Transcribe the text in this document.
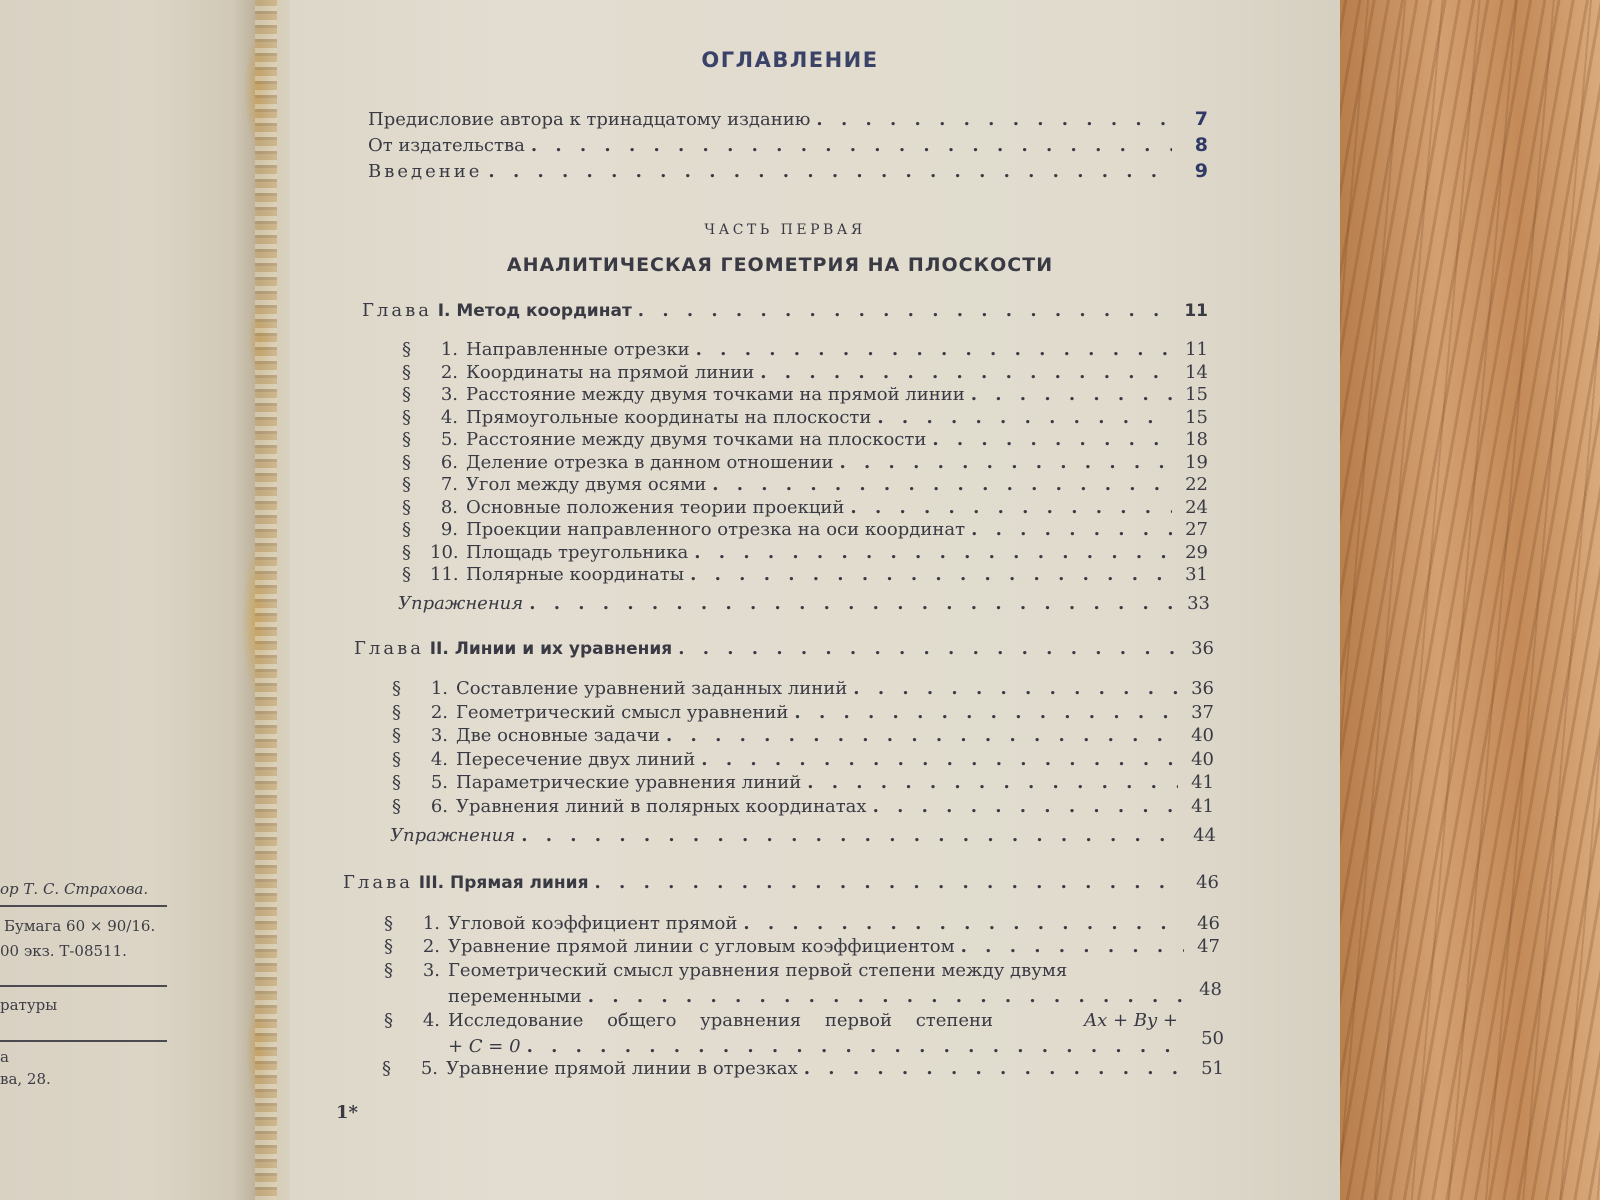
ор Т. С. Страхова.
Бумага 60 × 90/16.
00 экз. Т-08511.
ратуры
а
ва, 28.
ОГЛАВЛЕНИЕ
Предисловие автора к тринадцатому изданию . . .	7
От издательства . . .	8
Введение . . .	9
ЧАСТЬ ПЕРВАЯ
АНАЛИТИЧЕСКАЯ ГЕОМЕТРИЯ НА ПЛОСКОСТИ
Глава I. Метод координат . . .	11
§ 1. Направленные отрезки . . .	11
§ 2. Координаты на прямой линии . . .	14
§ 3. Расстояние между двумя точками на прямой линии . . .	15
§ 4. Прямоугольные координаты на плоскости . . .	15
§ 5. Расстояние между двумя точками на плоскости . . .	18
§ 6. Деление отрезка в данном отношении . . .	19
§ 7. Угол между двумя осями . . .	22
§ 8. Основные положения теории проекций . . .	24
§ 9. Проекции направленного отрезка на оси координат . . .	27
§ 10. Площадь треугольника . . .	29
§ 11. Полярные координаты . . .	31
Упражнения . . .	33
Глава II. Линии и их уравнения . . .	36
§ 1. Составление уравнений заданных линий . . .	36
§ 2. Геометрический смысл уравнений . . .	37
§ 3. Две основные задачи . . .	40
§ 4. Пересечение двух линий . . .	40
§ 5. Параметрические уравнения линий . . .	41
§ 6. Уравнения линий в полярных координатах . . .	41
Упражнения . . .	44
Глава III. Прямая линия . . .	46
§ 1. Угловой коэффициент прямой . . .	46
§ 2. Уравнение прямой линии с угловым коэффициентом . . .	47
§ 3. Геометрический смысл уравнения первой степени между двумя
переменными . . .	48
§ 4. Исследование общего уравнения первой степени	Ax + By +
+ C = 0 . . .	50
§ 5. Уравнение прямой линии в отрезках . . .	51
1*
